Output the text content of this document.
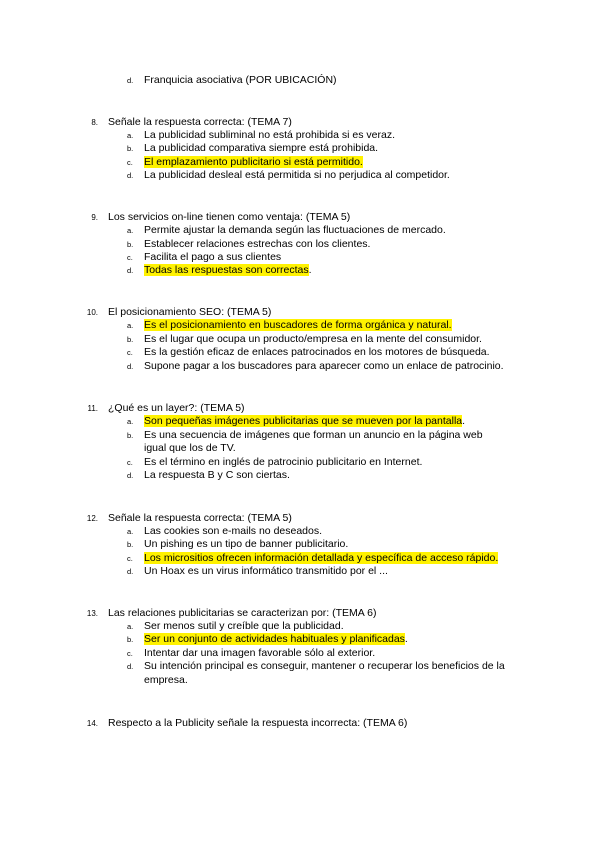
d. Franquicia asociativa (POR UBICACIÓN)
8. Señale la respuesta correcta: (TEMA 7)
a. La publicidad subliminal no está prohibida si es veraz.
b. La publicidad comparativa siempre está prohibida.
c. El emplazamiento publicitario si está permitido.
d. La publicidad desleal está permitida si no perjudica al competidor.
9. Los servicios on-line tienen como ventaja: (TEMA 5)
a. Permite ajustar la demanda según las fluctuaciones de mercado.
b. Establecer relaciones estrechas con los clientes.
c. Facilita el pago a sus clientes
d. Todas las respuestas son correctas.
10. El posicionamiento SEO: (TEMA 5)
a. Es el posicionamiento en buscadores de forma orgánica y natural.
b. Es el lugar que ocupa un producto/empresa en la mente del consumidor.
c. Es la gestión eficaz de enlaces patrocinados en los motores de búsqueda.
d. Supone pagar a los buscadores para aparecer como un enlace de patrocinio.
11. ¿Qué es un layer?: (TEMA 5)
a. Son pequeñas imágenes publicitarias que se mueven por la pantalla.
b. Es una secuencia de imágenes que forman un anuncio en la página web
igual que los de TV.
c. Es el término en inglés de patrocinio publicitario en Internet.
d. La respuesta B y C son ciertas.
12. Señale la respuesta correcta: (TEMA 5)
a. Las cookies son e-mails no deseados.
b. Un pishing es un tipo de banner publicitario.
c. Los micrositios ofrecen información detallada y específica de acceso rápido.
d. Un Hoax es un virus informático transmitido por el ...
13. Las relaciones publicitarias se caracterizan por: (TEMA 6)
a. Ser menos sutil y creíble que la publicidad.
b. Ser un conjunto de actividades habituales y planificadas.
c. Intentar dar una imagen favorable sólo al exterior.
d. Su intención principal es conseguir, mantener o recuperar los beneficios de la
empresa.
14. Respecto a la Publicity señale la respuesta incorrecta: (TEMA 6)
